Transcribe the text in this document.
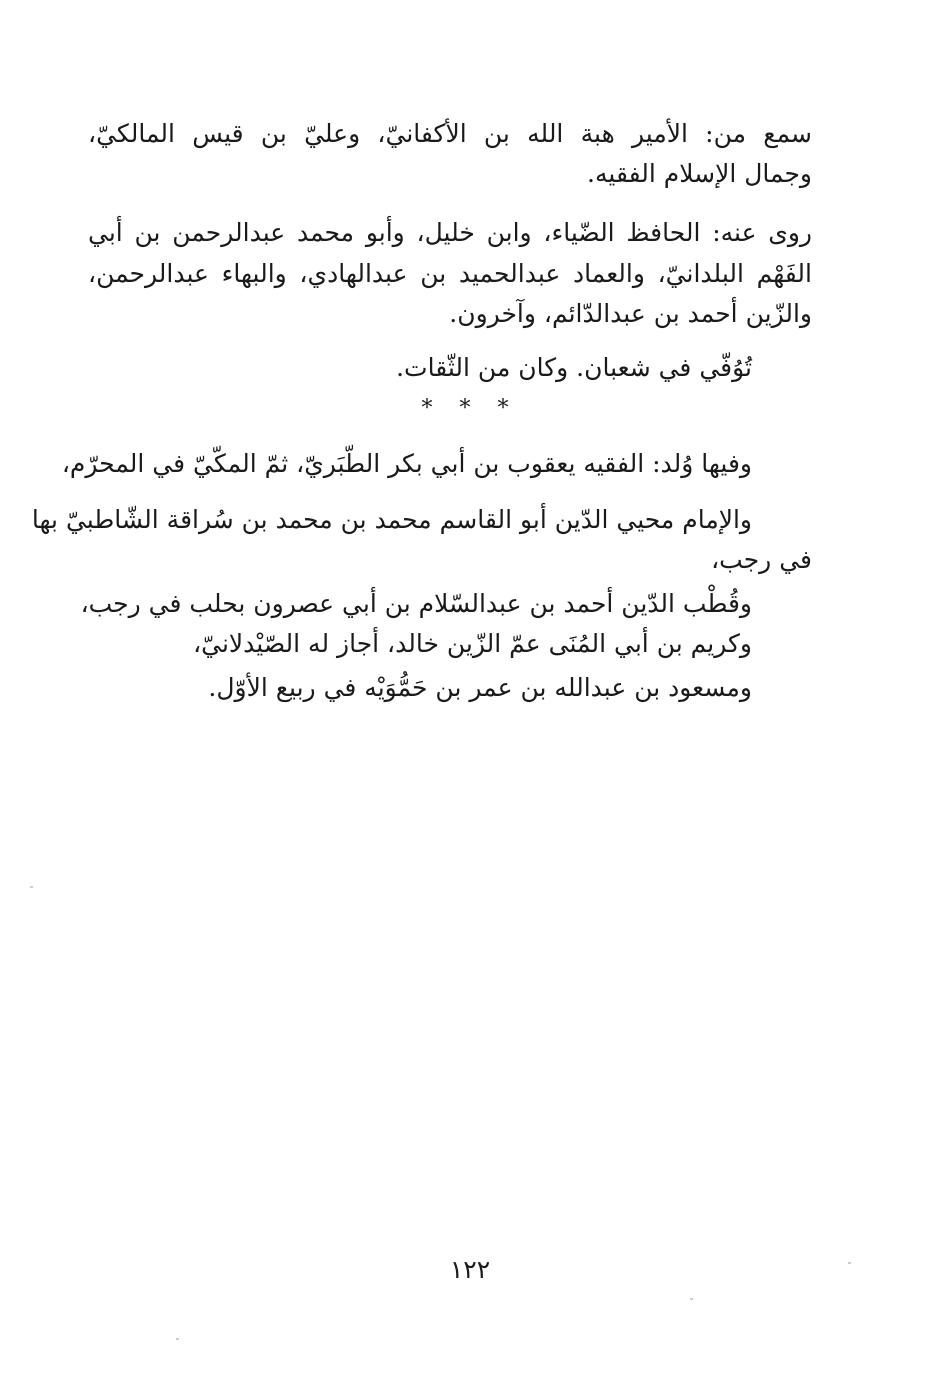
سمع من: الأمير هبة الله بن الأكفانيّ، وعليّ بن قيس المالكيّ،
وجمال الإسلام الفقيه.
روى عنه: الحافظ الضّياء، وابن خليل، وأبو محمد عبدالرحمن بن أبي
الفَهْم البلدانيّ، والعماد عبدالحميد بن عبدالهادي، والبهاء عبدالرحمن،
والزّين أحمد بن عبدالدّائم، وآخرون.
تُوُفّي في شعبان. وكان من الثّقات.
* * *
وفيها وُلد: الفقيه يعقوب بن أبي بكر الطّبَريّ، ثمّ المكّيّ في المحرّم،
والإمام محيي الدّين أبو القاسم محمد بن محمد بن سُراقة الشّاطبيّ بها
في رجب،
وقُطْب الدّين أحمد بن عبدالسّلام بن أبي عصرون بحلب في رجب،
وكريم بن أبي المُنَى عمّ الزّين خالد، أجاز له الصّيْدلانيّ،
ومسعود بن عبدالله بن عمر بن حَمُّوَيْه في ربيع الأوّل.
١٢٢
